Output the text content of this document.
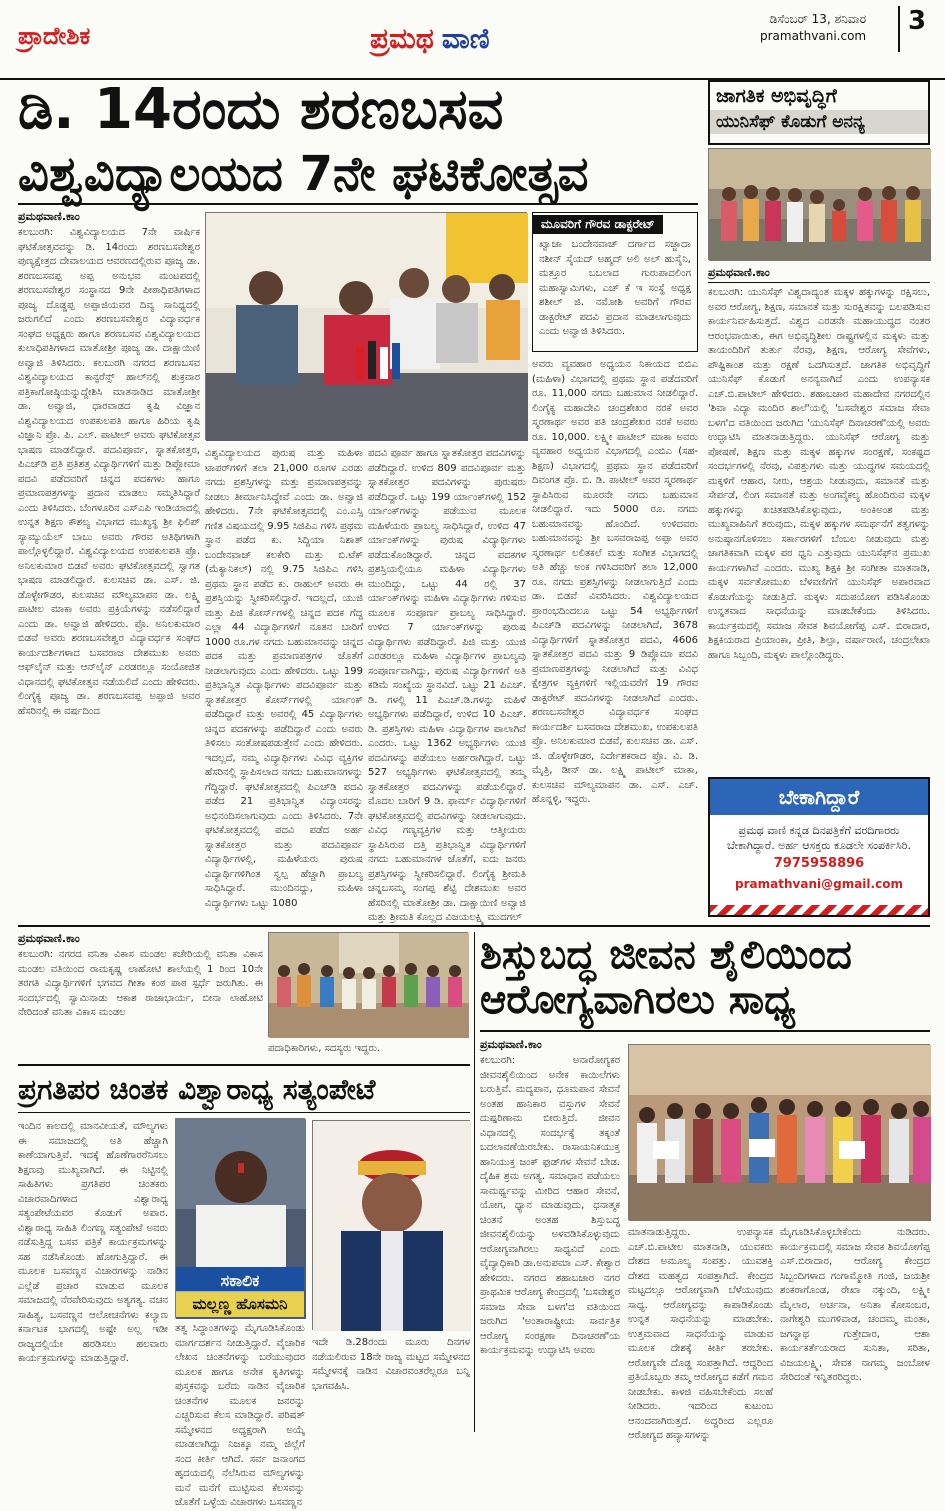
ಪ್ರಾದೇಶಿಕ	ಪ್ರಮಥ ವಾಣಿ
ಡಿಸೆಂಬರ್ 13, ಶನಿವಾರ
pramathvani.com	3
ಡಿ. 14ರಂದು ಶರಣಬಸವ
ವಿಶ್ವವಿದ್ಯಾಲಯದ 7ನೇ ಘಟಿಕೋತ್ಸವ
ಜಾಗತಿಕ ಅಭಿವೃದ್ಧಿಗೆ
ಯುನಿಸೆಫ್ ಕೊಡುಗೆ ಅನನ್ಯ
ಪ್ರಮಥವಾಣಿ.ಕಾಂ
ಕಲಬುರಗಿ: ಯುನಿಸೆಫ್ ವಿಶ್ವದಾದ್ಯಂತ ಮಕ್ಕಳ ಹಕ್ಕುಗಳನ್ನು ರಕ್ಷಿಸಲು, ಅವರ ಆರೋಗ್ಯ, ಶಿಕ್ಷಣ, ಸಮಾನತೆ ಮತ್ತು ಸುರಕ್ಷಿತವನ್ನು ಬಲಪಡಿಸುವ ಕಾರ್ಯನಿರ್ವಹಿಸುತ್ತದೆ. ವಿಶ್ವದ ಎರಡನೇ ಮಹಾಯುದ್ಧದ ನಂತರ ಆರಂಭವಾಯಿತು, ಈಗ ಅಭಿವೃದ್ಧಿಶೀಲ ರಾಷ್ಟ್ರಗಳಲ್ಲಿನ ಮಕ್ಕಳು ಮತ್ತು ತಾಯಂದಿರಿಗೆ ತುರ್ತು ನೆರವು, ಶಿಕ್ಷಣ, ಆರೋಗ್ಯ ಸೇವೆಗಳು, ಪೌಷ್ಟಿಕಾಂಶ ಮತ್ತು ರಕ್ಷಣೆ ಒದಗಿಸುತ್ತದೆ. ಜಾಗತಿಕ ಅಭಿವೃದ್ಧಿಗೆ ಯುನಿಸೆಫ್ ಕೊಡುಗೆ ಅನನ್ಯವಾಗಿದೆ ಎಂದು ಉಪನ್ಯಾಸಕ ಎಚ್.ಬಿ.ಪಾಟೀಲ್ ಹೇಳಿದರು. ಶಹಾಬಜಾರ ಮಹಾದೇವ ನಗರದಲ್ಲಿನ 'ಶಿವಾ ವಿದ್ಯಾ ಮಂದಿರ ಶಾಲೆ'ಯಲ್ಲಿ 'ಬಸವೇಶ್ವರ ಸಮಾಜ ಸೇವಾ ಬಳಗ'ದ ವತಿಯಿಂದ ಜರುಗಿದ 'ಯುನಿಸೆಫ್ ದಿನಾಚರಣೆ'ಯಲ್ಲಿ ಅವರು ಉದ್ಘಾಟಿಸಿ ಮಾತನಾಡುತ್ತಿದ್ದರು. ಯುನಿಸೆಫ್ ಆರೋಗ್ಯ ಮತ್ತು ಪೋಷಣೆ, ಶಿಕ್ಷಣ ಮತ್ತು ಮಕ್ಕಳ ಹಕ್ಕುಗಳ ಸಂರಕ್ಷಣೆ, ಸಂಕಷ್ಟದ ಸಂದರ್ಭಗಳಲ್ಲಿ ನೆರವು, ವಿಪತ್ತುಗಳು ಮತ್ತು ಯುದ್ಧಗಳ ಸಮಯದಲ್ಲಿ ಮಕ್ಕಳಿಗೆ ಆಹಾರ, ನೀರು, ಆಶ್ರಯ ನೀಡುವುದು, ಸಮಾನತೆ ಮತ್ತು ಸೇರ್ಪಡೆ, ಲಿಂಗ ಸಮಾನತೆ ಮತ್ತು ಅಂಗವೈಕಲ್ಯ ಹೊಂದಿರುವ ಮಕ್ಕಳ ಹಕ್ಕುಗಳನ್ನು ಖಚಿತಪಡಿಸಿಕೊಳ್ಳುವುದು, ಅಂಕಿಅಂಶ ಮತ್ತು ಮುಖ್ಯವಾಹಿನಿಗೆ ತರುವುದು, ಮಕ್ಕಳ ಹಕ್ಕುಗಳ ಸಮರ್ಥನೆಗೆ ತತ್ವಗಳನ್ನು ಅನುಷ್ಠಾನಗೊಳಿಸಲು ಸರ್ಕಾರಗಳಿಗೆ ಬೆಂಬಲ ನೀಡುವುದು ಮತ್ತು ಜಾಗತಿಕವಾಗಿ ಮಕ್ಕಳ ಪರ ಧ್ವನಿ ಎತ್ತುವುದು ಯುನಿಸೆಫ್‌ನ ಪ್ರಮುಖ ಕಾರ್ಯಗಳಾಗಿವೆ ಎಂದರು. ಮುಖ್ಯ ಶಿಕ್ಷಕಿ ಶ್ರೀ ಸಂಗೀತಾ ಮಾತನಾಡಿ, ಮಕ್ಕಳ ಸರ್ವತೋಮುಖ ಬೆಳವಣಿಗೆಗೆ ಯುನಿಸೆಫ್ ಅಪಾರವಾದ ಕೊಡುಗೆಯನ್ನು ನೀಡುತ್ತಿದೆ. ಮಕ್ಕಳು ಸದುಪಯೋಗ ಪಡಿಸಿಕೊಂಡು ಉನ್ನತವಾದ ಸಾಧನೆಯನ್ನು ಮಾಡಬೇಕೆಂದು ತಿಳಿಸಿದರು. ಕಾರ್ಯಕ್ರಮದಲ್ಲಿ ಸಮಾಜ ಸೇವಕ ಶಿವಯೋಗೆಪ್ಪ ಎಸ್. ಬಿರಾದಾರ, ಶಿಕ್ಷಕಿಯರಾದ ಪ್ರಿಯಾಂಕಾ, ಪ್ರೀತಿ, ಶಿಲ್ಪಾ, ವರ್ಷಾರಾಣಿ, ಚಂದ್ರಲೇಖಾ ಹಾಗೂ ಸಿಬ್ಬಂದಿ, ಮಕ್ಕಳು ಪಾಲ್ಗೊಂಡಿದ್ದರು.
ಪ್ರಮಥವಾಣಿ.ಕಾಂ
ಕಲಬುರಗಿ: ವಿಶ್ವವಿದ್ಯಾಲಯದ 7ನೇ ವಾರ್ಷಿಕ ಘಟಿಕೋತ್ಸವವನ್ನು ಡಿ. 14ರಂದು ಶರಣಬಸವೇಶ್ವರ ಪುಣ್ಯಕ್ಷೇತ್ರದ ದೇವಾಲಯದ ಆವರಣದಲ್ಲಿರುವ ಪೂಜ್ಯ ಡಾ. ಶರಣಬಸವಪ್ಪ ಅಪ್ಪ ಅನುಭವ ಮಂಟಪದಲ್ಲಿ ಶರಣಬಸವೇಶ್ವರ ಸಂಸ್ಥಾನದ 9ನೇ ಪೀಠಾಧಿಪತಿಗಳಾದ ಪೂಜ್ಯ ದೊಡ್ಡಪ್ಪ ಅಪ್ಪಾಜಿಯವರ ದಿವ್ಯ ಸಾನಿಧ್ಯದಲ್ಲಿ ಜರುಗಲಿದೆ ಎಂದು ಶರಣಬಸವೇಶ್ವರ ವಿದ್ಯಾವರ್ಧಕ ಸಂಘದ ಅಧ್ಯಕ್ಷರು ಹಾಗೂ ಶರಣಬಸವ ವಿಶ್ವವಿದ್ಯಾಲಯದ ಕುಲಾಧಿಪತಿಗಳಾದ ಮಾತೋಶ್ರೀ ಪೂಜ್ಯ ಡಾ. ದಾಕ್ಷಾಯಿಣಿ ಅವ್ವಾಜಿ ತಿಳಿಸಿದರು. ಕಲಬುರಗಿ ನಗರದ ಶರಣಬಸವ ವಿಶ್ವವಿದ್ಯಾಲಯದ ಕಾನ್ಫರೆನ್ಸ್ ಹಾಲ್‌ನಲ್ಲಿ ಶುಕ್ರವಾರ ಪತ್ರಿಕಾಗೋಷ್ಠಿಯನ್ನುದ್ದೇಶಿಸಿ ಮಾತನಾಡಿದ ಮಾತೋಶ್ರೀ ಡಾ. ಅವ್ವಾಜಿ, ಧಾರವಾಡದ ಕೃಷಿ ವಿಜ್ಞಾನ ವಿಶ್ವವಿದ್ಯಾಲಯದ ಉಪಕುಲಪತಿ ಹಾಗೂ ಹಿರಿಯ ಕೃಷಿ ವಿಜ್ಞಾನಿ ಪ್ರೊ. ಪಿ. ಎಲ್. ಪಾಟೀಲ್ ಅವರು ಘಟಿಕೋತ್ಸವ ಭಾಷಣ ಮಾಡಲಿದ್ದಾರೆ. ಪದವಿಪೂರ್ವ, ಸ್ನಾತಕೋತ್ತರ, ಪಿಎಚ್‌ಡಿ ಪ್ರತಿ ಪ್ರತಿಶತ್ರ ವಿದ್ಯಾರ್ಥಿಗಳಿಗೆ ಮತ್ತು ಡಿಪ್ಲೋಮಾ ಪದವಿ ಪಡೆದವರಿಗೆ ಚಿನ್ನದ ಪದಕಗಳು ಹಾಗೂ ಪ್ರಮಾಣಪತ್ರಗಳನ್ನು ಪ್ರದಾನ ಮಾಡಲು ಸಮ್ಮತಿಸಿದ್ದಾರೆ ಎಂದು ತಿಳಿಸಿದರು. ಬೆಂಗಳೂರಿನ ಎಸ್‌ಎಪಿ ಇಂಡಿಯಾದಲ್ಲಿ ಉನ್ನತ ಶಿಕ್ಷಣ ಕೌಶಲ್ಯ ವಿಭಾಗದ ಮುಖ್ಯಸ್ಥ ಶ್ರೀ ಫಿಲಿಪ್ ಸ್ಯಾಮ್ಯುಯೆಲ್ ಬಾಬು ಅವರು ಗೌರವ ಅತಿಥಿಗಳಾಗಿ ಪಾಲ್ಗೊಳ್ಳಲಿದ್ದಾರೆ. ವಿಶ್ವವಿದ್ಯಾಲಯದ ಉಪಕುಲಪತಿ ಪ್ರೊ. ಅನಿಲಕುಮಾರ ಬಿಡವೆ ಅವರು ಘಟಿಕೋತ್ಸವದಲ್ಲಿ ಸ್ವಾಗತ ಭಾಷಣ ಮಾಡಲಿದ್ದಾರೆ. ಕುಲಸಚಿವ ಡಾ. ಎಸ್. ಜಿ. ಡೊಳ್ಳೇಗೌಡರ, ಕುಲಸಚಿವ ಮೌಲ್ಯಮಾಪನ ಡಾ. ಲಕ್ಷ್ಮಿ ಪಾಟೀಲ ಮಾಕಾ ಅವರು ಪ್ರಕ್ರಿಯೆಗಳನ್ನು ನಡೆಸಲಿದ್ದಾರೆ ಎಂದು ಡಾ. ಅವ್ವಾಜಿ ಹೇಳಿದರು. ಪ್ರೊ. ಅನಿಲಕುಮಾರ ಬಿಡವೆ ಅವರು ಶರಣಬಸವೇಶ್ವರ ವಿದ್ಯಾವರ್ಧಕ ಸಂಘದ ಕಾರ್ಯದರ್ಶಿಗಳಾದ ಬಸವರಾಜ ದೇಶಮುಖ ಅವರು ಆಫ್‌ಲೈನ್ ಮತ್ತು ಆನ್‌ಲೈನ್ ಎರಡರಲ್ಲೂ ಸಂಯೋಜಿತ ವಿಧಾನದಲ್ಲಿ ಘಟಿಕೋತ್ಸವ ನಡೆಯಲಿದೆ ಎಂದು ಹೇಳಿದರು. ಲಿಂಗೈಕ್ಯ ಪೂಜ್ಯ ಡಾ. ಶರಣಬಸವಪ್ಪ ಅಪ್ಪಾಜಿ ಅವರ ಹೆಸರಿನಲ್ಲಿ ಈ ವರ್ಷದಿಂದ
ವಿಶ್ವವಿದ್ಯಾಲಯದ ಪುರುಷ ಮತ್ತು ಮಹಿಳಾ ಟಾಪರ್‌ಗಳಿಗೆ ತಲಾ 21,000 ರೂಗಳ ಎರಡು ನಗದು ಪ್ರಶಸ್ತಿಗಳನ್ನು ಮತ್ತು ಪ್ರಮಾಣಪತ್ರವನ್ನು ನೀಡಲು ತೀರ್ಮಾನಿಸಿದ್ದೇವೆ ಎಂದು ಡಾ. ಅವ್ವಾಜಿ ಹೇಳಿದರು. 7ನೇ ಘಟಿಕೋತ್ಸವದಲ್ಲಿ ಎಂ.ಎಸ್ಸಿ ಗಣಿತ ವಿಷಯದಲ್ಲಿ 9.95 ಸಿಜಿಪಿಎ ಗಳಿಸಿ ಪ್ರಥಮ ಸ್ಥಾನ ಪಡೆದ ಕು. ಸಿದ್ದಿಯಾ ನಿಶಾತ್ ಬಂದೇನವಾಜ್ ಕಲಕೇರಿ ಮತ್ತು ಬಿ.ಟೆಕ್ (ಮೆಕ್ಯಾನಿಕಲ್) ನಲ್ಲಿ 9.75 ಸಿಜಿಪಿಎ ಗಳಿಸಿ ಪ್ರಥಮ ಸ್ಥಾನ ಪಡೆದ ಕು. ರಾಹುಲ್ ಅವರು ಈ ಪ್ರಶಸ್ತಿಯನ್ನು ಸ್ವೀಕರಿಸಲಿದ್ದಾರೆ. ಇದಲ್ಲದೆ, ಯುಜಿ ಮತ್ತು ಪಿಜಿ ಕೋರ್ಸ್‌ಗಳಲ್ಲಿ ಚಿನ್ನದ ಪದಕ ಗೆದ್ದ ಎಲ್ಲಾ 44 ವಿದ್ಯಾರ್ಥಿಗಳಿಗೆ ನೂತನ ಬಾರಿಗೆ 1000 ರೂ.ಗಳ ನಗದು ಬಹುಮಾನವನ್ನು ಚಿನ್ನದ ಪದಕ ಮತ್ತು ಪ್ರಮಾಣಪತ್ರಗಳ ಜೊತೆಗೆ ನೀಡಲಾಗುವುದು ಎಂದು ಹೇಳಿದರು. ಒಟ್ಟು 199 ಪ್ರತಿಭಾನ್ವಿತ ವಿದ್ಯಾರ್ಥಿಗಳು ಪದವಿಪೂರ್ವ ಮತ್ತು ಸ್ನಾತಕೋತ್ತರ ಕೋರ್ಸ್‌ಗಳಲ್ಲಿ ರ್ಯಾಂಕ್ ಪಡೆದಿದ್ದಾರೆ ಮತ್ತು ಅವರಲ್ಲಿ 45 ವಿದ್ಯಾರ್ಥಿಗಳು ಚಿನ್ನದ ಪದಕಗಳನ್ನು ಪಡೆದಿದ್ದಾರೆ ಎಂದು ಅವರು ತಿಳಿಸಲು ಸಂತೋಷಪಡುತ್ತೇನೆ ಎಂದು ಹೇಳಿದರು. ಇದಲ್ಲದೆ, ನಮ್ಮ ವಿದ್ಯಾರ್ಥಿಗಳು ವಿವಿಧ ವ್ಯಕ್ತಿಗಳ ಹೆಸರಿನಲ್ಲಿ ಸ್ಥಾಪಿಸಲಾದ ನಗದು ಬಹುಮಾನಗಳನ್ನು ಗೆದ್ದಿದ್ದಾರೆ. ಘಟಿಕೋತ್ಸವದಲ್ಲಿ ಪಿಎಚ್‌ಡಿ ಪದವಿ ಪಡೆದ 21 ಪ್ರತಿಭಾನ್ವಿತ ವಿದ್ಯಾಂಸರನ್ನು ಅಭಿನಂದಿಸಲಾಗುವುದು ಎಂದು ತಿಳಿಸಿದರು. 7ನೇ ಘಟಿಕೋತ್ಸವದಲ್ಲಿ ಪದವಿ ಪಡೆದ ಅರ್ಹ ಸ್ನಾತಕೋತ್ತರ ಮತ್ತು ಪದವಿಪೂರ್ವ ವಿದ್ಯಾರ್ಥಿಗಳಲ್ಲಿ, ಮಹಿಳೆಯರು ಪುರುಷ ವಿದ್ಯಾರ್ಥಿಗಳಿಗಿಂತ ಸ್ವಲ್ಪ ಹೆಚ್ಚಾಗಿ ಪ್ರಾಬಲ್ಯ ಸಾಧಿಸಿದ್ದಾರೆ. ಮುಂದಿನದ್ದು, ಮಹಿಳಾ ವಿದ್ಯಾರ್ಥಿಗಳು ಒಟ್ಟು 1080
ಪದವಿ ಪೂರ್ವ ಹಾಗೂ ಸ್ನಾತಕೋತ್ತರ ಪದವಿಗಳನ್ನು ಪಡೆದಿದ್ದಾರೆ. ಉಳಿದ 809 ಪದವಿಪೂರ್ವ ಮತ್ತು ಸ್ನಾತಕೋತ್ತರ ಪದವಿಗಳನ್ನು ಪುರುಷರು ಪಡೆದಿದ್ದಾರೆ. ಒಟ್ಟು 199 ರ್ಯಾಂಕ್‌ಗಳಲ್ಲಿ 152 ರ್ಯಾಂಕ್‌ಗಳನ್ನು ಪಡೆಯುವ ಮೂಲಕ ಮಹಿಳೆಯರು ಪ್ರಾಬಲ್ಯ ಸಾಧಿಸಿದ್ದಾರೆ, ಉಳಿದ 47 ರ್ಯಾಂಕ್‌ಗಳನ್ನು ಪುರುಷ ವಿದ್ಯಾರ್ಥಿಗಳು ಪಡೆದುಕೊಂಡಿದ್ದಾರೆ. ಚಿನ್ನದ ಪದಕಗಳ ಪ್ರಶಸ್ತಿಯಲ್ಲಿಯೂ ಮಹಿಳಾ ವಿದ್ಯಾರ್ಥಿಗಳು ಮುಂದಿದ್ದು, ಒಟ್ಟು 44 ರಲ್ಲಿ 37 ರ್ಯಾಂಕ್‌ಗಳನ್ನು ಮಹಿಳಾ ವಿದ್ಯಾರ್ಥಿಗಳು ಗಳಿಸುವ ಮೂಲಕ ಸಂಪೂರ್ಣ ಪ್ರಾಬಲ್ಯ ಸಾಧಿಸಿದ್ದಾರೆ. ಉಳಿದ 7 ರ್ಯಾಂಕ್‌ಗಳನ್ನು ಪುರುಷ ವಿದ್ಯಾರ್ಥಿಗಳು ಪಡೆದಿದ್ದಾರೆ. ಪಿಜಿ ಮತ್ತು ಯುಜಿ ಎರಡರಲ್ಲೂ ಮಹಿಳಾ ವಿದ್ಯಾರ್ಥಿಗಳ ಪ್ರಾಬಲ್ಯವು ಸಂಪೂರ್ಣವಾಗಿದ್ದು, ಪುರುಷ ವಿದ್ಯಾರ್ಥಿಗಳಿಗೆ ಅತಿ ಕಡಿಮೆ ಸಂಖ್ಯೆಯ ಸ್ಥಾನವಿದೆ. ಒಟ್ಟು 21 ಪಿಎಚ್. ಡಿ. ಗಳಲ್ಲಿ 11 ಪಿಎಚ್.ಡಿ.ಗಳನ್ನು ಮಹಿಳೆ ಅಭ್ಯರ್ಥಿಗಳು ಪಡೆದಿದ್ದಾರೆ, ಉಳಿದ 10 ಪಿಎಚ್. ಡಿ. ಪ್ರಶಸ್ತಿಗಳು ಮಹಿಳಾ ವಿದ್ಯಾರ್ಥಿಗಳ ಪಾಲಾಗಿವೆ ಎಂದರು. ಒಟ್ಟು 1362 ಅಭ್ಯರ್ಥಿಗಳು ಯುಜಿ ಪದವಿಗಳನ್ನು ಪಡೆಯಲು ಅರ್ಹರಾಗಿದ್ದಾರೆ. ಒಟ್ಟು 527 ಅಭ್ಯರ್ಥಿಗಳು ಘಟಿಕೋತ್ಸವದಲ್ಲಿ ತಮ್ಮ ಸ್ನಾತಕೋತ್ತರ ಪದವಿಗಳನ್ನು ಪಡೆಯಲಿದ್ದಾರೆ. ಮೊದಲ ಬಾರಿಗೆ 9 ಡಿ. ಫಾರ್ಮ್ ವಿದ್ಯಾರ್ಥಿಗಳಿಗೆ ಘಟಿಕೋತ್ಸವದಲ್ಲಿ ಪದವಿಗಳನ್ನು ನೀಡಲಾಗುವುದು. ವಿವಿಧ ಗಣ್ಯವ್ಯಕ್ತಿಗಳ ಮತ್ತು ಆತ್ಮೀಯರು ಸ್ಥಾಪಿಸಿರುವ ದತ್ತಿ ಪ್ರತಿಭಾನ್ವಿತ ವಿದ್ಯಾರ್ಥಿಗಳಿಗೆ ನಗದು ಬಹುಮಾನಗಳ ಜೊತೆಗೆ, ಐದು ಜನರು ಪ್ರಶಸ್ತಿಗಳನ್ನು ಸ್ವೀಕರಿಸಲಿದ್ದಾರೆ. ಲಿಂಗೈಕ್ಯ ಶ್ರೀಮತಿ ಚನ್ನಬಸಮ್ಮ ಸಂಗಪ್ಪ ಶೆಟ್ಟಿ ದೇಶಮುಖ ಅವರ ಹೆಸರಿನಲ್ಲಿ ಮಾತೋಶ್ರೀ ಡಾ. ದಾಕ್ಷಾಯಿಣಿ ಅವ್ವಾಜಿ ಮತ್ತು ಶ್ರೀಮತಿ ಕೊಲ್ಲದ ವಿಜಯಲಕ್ಷ್ಮಿ ಮುದಗಲ್
ಮೂವರಿಗೆ ಗೌರವ ಡಾಕ್ಟರೇಟ್
ಖ್ವಾಜಾ ಬಂದೇನವಾಜ್ ದರ್ಗಾದ ಸಜ್ಜಾದಾ ನಶೀನ್ ಸೈಯದ್ ಅಹ್ಮದ್ ಅಲಿ ಅಲ್ ಹುಸೈನಿ, ಮತ್ತೂರ ಬಬಲಾದ ಗುರುಪಾದಲಿಂಗ ಮಹಾಸ್ವಾಮಿಗಳು, ಎಚ್ ಕೆ ಇ ಸಂಸ್ಥೆ ಅಧ್ಯಕ್ಷ ಶಶೀಲ್ ಜಿ. ನಮೋಶಿ ಅವರಿಗೆ ಗೌರವ ಡಾಕ್ಟರೇಟ್ ಪದವಿ ಪ್ರದಾನ ಮಾಡಲಾಗುವುದು ಎಂದು ಅವ್ವಾಜಿ ತಿಳಿಸಿದರು.
ಅವರು ವ್ಯವಹಾರ ಅಧ್ಯಯನ ನಿಕಾಯದ ಬಿಬಿಎ (ಮಹಿಳಾ) ವಿಭಾಗದಲ್ಲಿ ಪ್ರಥಮ ಸ್ಥಾನ ಪಡೆದವರಿಗೆ ರೂ. 11,000 ನಗದು ಬಹುಮಾನ ನೀಡಲಿದ್ದಾರೆ. ಲಿಂಗೈಕ್ಯ ಮಹಾದೇವಿ ಚಂದ್ರಶೇಖರ ನರಕೆ ಅವರ ಸ್ಮರಣಾರ್ಥ ಅವರ ಪತಿ ಚಂದ್ರಶೇಖರ ನರಕೆ ಅವರು ರೂ. 10,000. ಲಕ್ಷ್ಮೀ ಪಾಟೀಲ್ ಮಾಕಾ ಅವರು ವ್ಯವಹಾರ ಅಧ್ಯಯನ ವಿಭಾಗದಲ್ಲಿ ಎಂಬಿಎ (ಸಹ-ಶಿಕ್ಷಣ) ವಿಭಾಗದಲ್ಲಿ ಪ್ರಥಮ ಸ್ಥಾನ ಪಡೆದವರಿಗೆ ದಿವಂಗತ ಪ್ರೊ. ಬಿ. ಡಿ. ಪಾಟೀಲ್ ಅವರ ಸ್ಮರಣಾರ್ಥ ಸ್ಥಾಪಿಸಿರುವ ಮೂರನೇ ನಗದು ಬಹುಮಾನ ನೀಡಲಿದ್ದಾರೆ. ಇದು 5000 ರೂ. ನಗದು ಬಹುಮಾನವನ್ನು ಹೊಂದಿದೆ. ಉಳಿದವರು ಬಹುಮಾನವನ್ನು ಶ್ರೀ ಬಸವರಾಜಪ್ಪ ಅಪ್ಪಾ ಅವರ ಸ್ಮರಣಾರ್ಥ ಲಲಿತಕಲೆ ಮತ್ತು ಸಂಗೀತ ವಿಭಾಗದಲ್ಲಿ ಅತಿ ಹೆಚ್ಚು ಅಂಕ ಗಳಿಸಿದವರಿಗೆ ತಲಾ 12,000 ರೂ. ನಗದು ಪ್ರಶಸ್ತಿಗಳನ್ನು ನೀಡಲಾಗುತ್ತಿದೆ ಎಂದು ಡಾ. ಬಿಡವೆ ವಿವರಿಸಿದರು. ವಿಶ್ವವಿದ್ಯಾಲಯದ ಪ್ರಾರಂಭದಿಂದಲೂ ಒಟ್ಟು 54 ಅಭ್ಯರ್ಥಿಗಳಿಗೆ ಪಿಎಚ್‌ಡಿ ಪದವಿಗಳನ್ನು ನೀಡಲಾಗಿದೆ, 3678 ವಿದ್ಯಾರ್ಥಿಗಳಿಗೆ ಸ್ನಾತಕೋತ್ತರ ಪದವಿ, 4606 ಸ್ನಾತಕೋತ್ತರ ಪದವಿ ಮತ್ತು 9 ಡಿಪ್ಲೊಮಾ ಪದವಿ ಪ್ರಮಾಣಪತ್ರಗಳನ್ನು ನೀಡಲಾಗಿದೆ ಮತ್ತು ವಿವಿಧ ಕ್ಷೇತ್ರಗಳ ವ್ಯಕ್ತಿಗಳಿಗೆ ಇಲ್ಲಿಯವರೆಗೆ 19 ಗೌರವ ಡಾಕ್ಟರೇಟ್ ಪದವಿಗಳನ್ನು ನೀಡಲಾಗಿದೆ ಎಂದರು. ಶರಣಬಸವೇಶ್ವರ ವಿದ್ಯಾವರ್ಧಕ ಸಂಘದ ಕಾರ್ಯದರ್ಶಿ ಬಸವರಾಜ ದೇಶಮುಖ, ಉಪಕುಲಪತಿ ಪ್ರೊ. ಅನಿಲಕುಮಾರ ಬಿಡವೆ, ಕುಲಸಚಿವ ಡಾ. ಎಸ್. ಜಿ. ಡೊಳ್ಳೇಗೌಡರ, ನಿರ್ದೇಶಕರಾದ ಪ್ರೊ. ವಿ. ಡಿ. ಮೈತ್ರಿ, ಡೀನ್ ಡಾ. ಲಕ್ಷ್ಮಿ ಪಾಟೀಲ್ ಮಾಕಾ, ಕುಲಸಚಿವ ಮೌಲ್ಯಮಾಪನ ಡಾ. ಎಸ್. ಎಚ್. ಹೊನ್ನಳ್ಳಿ, ಇದ್ದರು.	ಬೇಕಾಗಿದ್ದಾರೆ
ಪ್ರಮಥ ವಾಣಿ ಕನ್ನಡ ದಿನಪತ್ರಿಕೆಗೆ ವರದಿಗಾರರು ಬೇಕಾಗಿದ್ದಾರೆ. ಅರ್ಹ ಆಸಕ್ತರು ಕೂಡಲೇ ಸಂಪರ್ಕಿಸಿರಿ.
7975958896
pramathvani@gmail.com
ಪ್ರಮಥವಾಣಿ.ಕಾಂ
ಕಲಬುರಗಿ: ನಗರದ ವನಿತಾ ವಿಕಾಸ ಮಂಡಲ ಕಚೇರಿಯಲ್ಲಿ ವನಿತಾ ವಿಕಾಸ ಮಂಡಲ ವತಿಯಿಂದ ರಾಮಕೃಷ್ಣ ಲಾಹೋಟಿ ಶಾಲೆಯಲ್ಲಿ 1 ರಿಂದ 10ನೇ ತರಗತಿ ವಿದ್ಯಾರ್ಥಿಗಳಿಗೆ ಭಗವದ ಗೀತಾ ಕಂಠ ಪಾಠ ಸ್ಪರ್ಧೆ ಜರುಗಿತು. ಈ ಸಂದರ್ಭದಲ್ಲಿ ಸ್ವಾಮಿನಾಡು ಆಕಾಶ ರಾಜಾಭಾರ್ಯ, ಬೀನಾ ಲಾಹೋಟಿ ನೇರಿದಂತೆ ವನಿತಾ ವಿಕಾಸ ಮಂಡಲ
ಪದಾಧಿಕಾರಿಗಳು, ಸದಸ್ಯರು ಇದ್ದರು.
ಶಿಸ್ತುಬದ್ಧ ಜೀವನ ಶೈಲಿಯಿಂದ
ಆರೋಗ್ಯವಾಗಿರಲು ಸಾಧ್ಯ
ಪ್ರಮಥವಾಣಿ.ಕಾಂ
ಕಲಬುರಗಿ: ಅನಾರೋಗ್ಯಕರ ಜೀವನಶೈಲಿಯಿಂದ ಅನೇಕ ಕಾಯಿಲೆಗಳು ಬರುತ್ತಿವೆ. ಮದ್ಯಪಾನ, ಧೂಮಪಾನ ಸೇವನೆ ಅಂತಹ ಹಾನಿಕಾರ ವಸ್ತುಗಳ ಸೇವನೆ ದುಷ್ಪರಿಣಾಮ ಬೀರುತ್ತಿದೆ. ಜೀವನ ವಿಧಾನದಲ್ಲಿ ಸಂದರ್ಭಕ್ಕೆ ತಕ್ಕಂತೆ ಬದಲಾವಣೆಯಿರಬೇಕು. ರಾಸಾಯನಿಕಯುಕ್ತ ಹಾನಿಯುಕ್ತ ಜಂಕ್ ಫುಡ್‌ಗಳ ಸೇವನೆ ಬೇಡ. ದೈಹಿಕ ಶ್ರಮ ಅಗತ್ಯ. ಸಮಾಧಾನ ಪಡೆಯಲು ಸಾಮರ್ಥ್ಯವನ್ನು ಮೀರಿದ ಆಹಾರ ಸೇವನೆ, ಯೋಗ, ಧ್ಯಾನ ಮಾಡುವುದು, ಧನಾತ್ಮಕ ಚಿಂತನೆ ಅಂತಹ ಶಿಸ್ತುಬದ್ಧ ಜೀವನಶೈಲಿಯನ್ನು ಅಳವಡಿಸಿಕೊಳ್ಳುವುದು ಆರೋಗ್ಯವಾಗಿರಲು ಸಾಧ್ಯವಿದೆ ಎಂದು ವೈದ್ಯಾಧಿಕಾರಿ ಡಾ.ಅನುಪಮಾ ಎಸ್. ಕೇಶ್ವಾರ ಹೇಳಿದರು. ನಗರದ ಶಹಾಬಜಾರ ನಗರ ಪ್ರಾಥಮಿಕ ಆರೋಗ್ಯ ಕೇಂದ್ರದಲ್ಲಿ 'ಬಸವೇಶ್ವರ ಸಮಾಜ ಸೇವಾ ಬಳಗ'ದ ವತಿಯಿಂದ ಜರುಗಿದ 'ಅಂತಾರಾಷ್ಟ್ರೀಯ ಸಾರ್ವತ್ರಿಕ ಆರೋಗ್ಯ ಸಂರಕ್ಷಣಾ ದಿನಾಚರಣೆ'ಯ ಕಾರ್ಯಕ್ರಮವನ್ನು ಉದ್ಘಾಟಿಸಿ ಅವರು
ಮಾತನಾಡುತ್ತಿದ್ದರು. ಉಪನ್ಯಾಸಕ ಎಚ್.ಬಿ.ಪಾಟೀಲ ಮಾತನಾಡಿ, ಯುವಕರು ದೇಶದ ಅಮೂಲ್ಯ ಸಂಪತ್ತು. ಯುವಶಕ್ತಿ ದೇಶದ ಮಹತ್ವದ ಸಂಪತ್ತಾಗಿದೆ. ಕೇಂದ್ರದ ಮಟ್ಟದಲ್ಲೂ ಆರೋಗ್ಯವಾಗಿ ಬೆಳೆಯುವುದು ಸಾಧ್ಯ. ಆರೋಗ್ಯವನ್ನು ಕಾಪಾಡಿಕೊಂಡು ಉನ್ನತ ಸಾಧನೆಯನ್ನು ಮಾಡಬೇಕು. ಉತ್ತಮವಾದ ಸಾಧನೆಯನ್ನು ಮಾಡುವ ಮೂಲಕ ದೇಶಕ್ಕೆ ಕೀರ್ತಿ ತರಬೇಕು. ಆರೋಗ್ಯವೇ ದೊಡ್ಡ ಸಂಪತ್ತಾಗಿದೆ. ಆದ್ದರಿಂದ ಪ್ರತಿಯೊಬ್ಬರು ತಮ್ಮ ಆರೋಗ್ಯದ ಕಡೆಗೆ ಗಮನ ನೀಡಬೇಕು. ಕಾಳಜಿ ವಹಿಸಬೇಕೆಂದು ಸಲಹೆ ನೀಡಿದರು. ಇದರಿಂದ ಕುಟುಂಬ ಆನಂದವಾಗಿರುತ್ತದೆ. ಅದ್ದರಿಂದ ಎಲ್ಲರೂ ಆರೋಗ್ಯದ ಹವ್ಯಾಸಗಳನ್ನು
ಮೈಗೂಡಿಸಿಕೊಳ್ಳಬೇಕೆಂದು ನುಡಿದರು. ಕಾರ್ಯಕ್ರಮದಲ್ಲಿ ಸಮಾಜ ಸೇವಕ ಶಿವಯೋಗೆಪ್ಪ ಎಸ್.ಬಿರಾದಾರ, ಆರೋಗ್ಯ ಕೇಂದ್ರದ ಸಿಬ್ಬಂದಿಗಳಾದ ಗಂಗಾಮ್ಮೋತಿ ಗಂಜಿ, ಜಯಶ್ರೀ ಶಂಕರಾಗೊಂಡ, ರೇಖಾ ನಕ್ಕುಂದಿ, ಲಕ್ಷ್ಮೀ ಮೈಲಾರ, ಅರ್ಚನಾ, ಅನಿತಾ ಕೋಸಂಬರ, ನಾಗೇಶ್ವರಿ ಮುಗಳಿವಾಡ, ಚಂದಮ್ಮ ಮಂತಾ, ಜಗನ್ನಾಥ ಗುತ್ತೇದಾರ, ಆಶಾ ಕಾರ್ಯಕರ್ತೆಯರಾದ ಸುನಿತಾ, ಸರಿತಾ, ವಿಜಯಲಕ್ಷ್ಮಿ, ಸೇವಕ ನಾಗಮ್ಮ ಜಂಬೋಳ ಸೇರಿದಂತೆ ಇನ್ನಿತರರಿದ್ದರು.
ಪ್ರಗತಿಪರ ಚಿಂತಕ ವಿಶ್ವಾರಾಧ್ಯ ಸತ್ಯಂಪೇಟೆ
ಇಂದಿನ ಕಾಲದಲ್ಲಿ ಮಾನವೀಯತೆ, ಮೌಲ್ಯಗಳು ಈ ಸಮಾಜದಲ್ಲಿ ಅತಿ ಹೆಚ್ಚಾಗಿ ಕಾಣೆಯಾಗುತ್ತಿವೆ. ಇದಕ್ಕೆ ಹೊಣೆಗಾರರೆನಿಸಲು ಶಿಕ್ಷಣವು ಮುಖ್ಯವಾಗಿದೆ. ಈ ನಿಟ್ಟಿನಲ್ಲಿ ಸಾಹಿತಿಗಳು ಪ್ರಗತಿಪರ ಚಿಂತಕರು ವಿಚಾರವಾದಿಗಳಾದ ವಿಶ್ವಾರಾಧ್ಯ ಸತ್ಯಂಪೇಟೆಯವರ ಕೊಡುಗೆ ಅಪಾರ. ವಿಶ್ವಾರಾಧ್ಯ ಸಾಹಿತಿ ಲಿಂಗಣ್ಣ ಸತ್ಯಂಪೇಟೆ ಅವರು ನಡೆಸುತ್ತಿದ್ದ ಬಸವ ಪತ್ರಿಕೆ ಕಾರ್ಯಕ್ರಮಗಳನ್ನು ಸಹ ನಡೆಸಿಕೊಂಡು ಹೋಗುತ್ತಿದ್ದಾರೆ. ಈ ಮೂಲಕ ಬಸವಣ್ಣನ ವಿಚಾರಗಳನ್ನು ನಾಡಿನ ಎಲ್ಲೆಡೆ ಪ್ರಚಾರ ಮಾಡುವ ಮೂಲಕ ಸಮಾಜದಲ್ಲಿ ನೆರವೇರಿಸುವುದು ಅತ್ಯಗತ್ಯ. ವಚನ ಸಾಹಿತ್ಯ, ಬಸವಣ್ಣನ ಆಲೋಚನೆಗಳು ಕಲ್ಯಾಣ ಕರ್ನಾಟಕ ಭಾಗದಲ್ಲಿ ಅಷ್ಟೇ ಅಲ್ಲ ಇಡೀ ರಾಜ್ಯದಲ್ಲಿಯೇ ಹರಡಿಸಲು ಹಲವಾರು ಕಾರ್ಯಕ್ರಮಗಳನ್ನು ಮಾಡುತ್ತಿದ್ದಾರೆ.
ಸಕಾಲಿಕ
ಮಲ್ಲಣ್ಣ ಹೊಸಮನಿ
ತತ್ವ ಸಿದ್ಧಾಂತಗಳನ್ನು ಮೈಗೂಡಿಸಿಕೊಂಡು ಮಾರ್ಗದರ್ಶನ ನೀಡುತ್ತಿದ್ದಾರೆ. ವೈಚಾರಿಕ ಲೇಖನ ಚಿಂತನೆಗಳನ್ನು ಬರೆಯುವುದರ ಮೂಲಕ ಹಾಗೂ ಅನೇಕ ಕೃತಿಗಳನ್ನು ಪುಸ್ತಕವನ್ನು ಬರೆದು ನಾಡಿನ ವೈಚಾರಿಕ ಚಿಂತನೆಗಳ ಮೂಲಕ ಜನರನ್ನು ಎಚ್ಚರಿಸುವ ಕೆಲಸ ಮಾಡಿದ್ದಾರೆ. ಪರಿಷತ್ ಸಮ್ಮೇಳನದ ಅಧ್ಯಕ್ಷರಾಗಿ ಅಯ್ಕೆ ಮಾಡಲಾಗಿದ್ದು ನಿಜಕ್ಕೂ ನಮ್ಮ ಜಿಲ್ಲೆಗೆ ಸಂದ ಕೀರ್ತಿ ಆಗಿದೆ. ಸರ್ವ ಜನಾಂಗದ ಹೃದಯದಲ್ಲಿ ನೆಲೆಸಿರುವ ಮೌಲ್ಯಗಳನ್ನು ಮನೆ ಮನೆಗೆ ಮುಟ್ಟಿಸುವ ಕೆಲಸವನ್ನು ಜೊತೆಗೆ ಒಳ್ಳೆಯ ವಿಚಾರಗಳು ಬಸವಣ್ಣನ
ಇದೇ ಡಿ.28ರಂದು ಮೂರು ದಿನಗಳ ನಡೆಯಲಿರುವ 18ನೇ ರಾಜ್ಯ ಮಟ್ಟದ ಸಮ್ಮೇಳನದ ಸಮ್ಮೇಳನಕ್ಕೆ ನಾಡಿನ ವಿಚಾರವಂತರೆಲ್ಲರೂ ಬನ್ನಿ ಭಾಗವಹಿಸಿ.
